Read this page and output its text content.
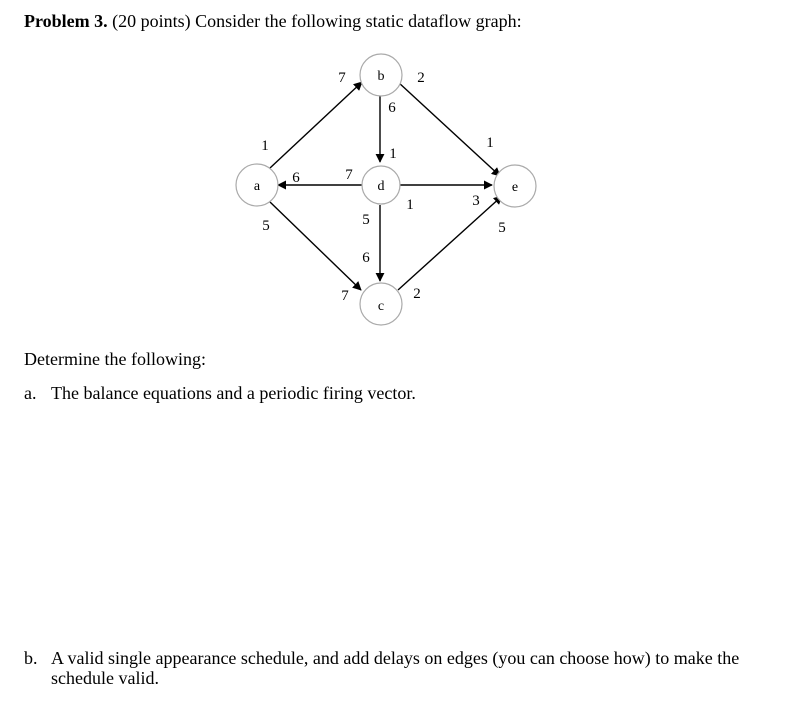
Problem 3. (20 points) Consider the following static dataflow graph:
a
b
c
d	e
1
7	2
1
6
1
7
6
1	3
5
7
5
6
2
5
Determine the following:
a. The balance equations and a periodic firing vector.
b. A valid single appearance schedule, and add delays on edges (you can choose how) to make the
schedule valid.
